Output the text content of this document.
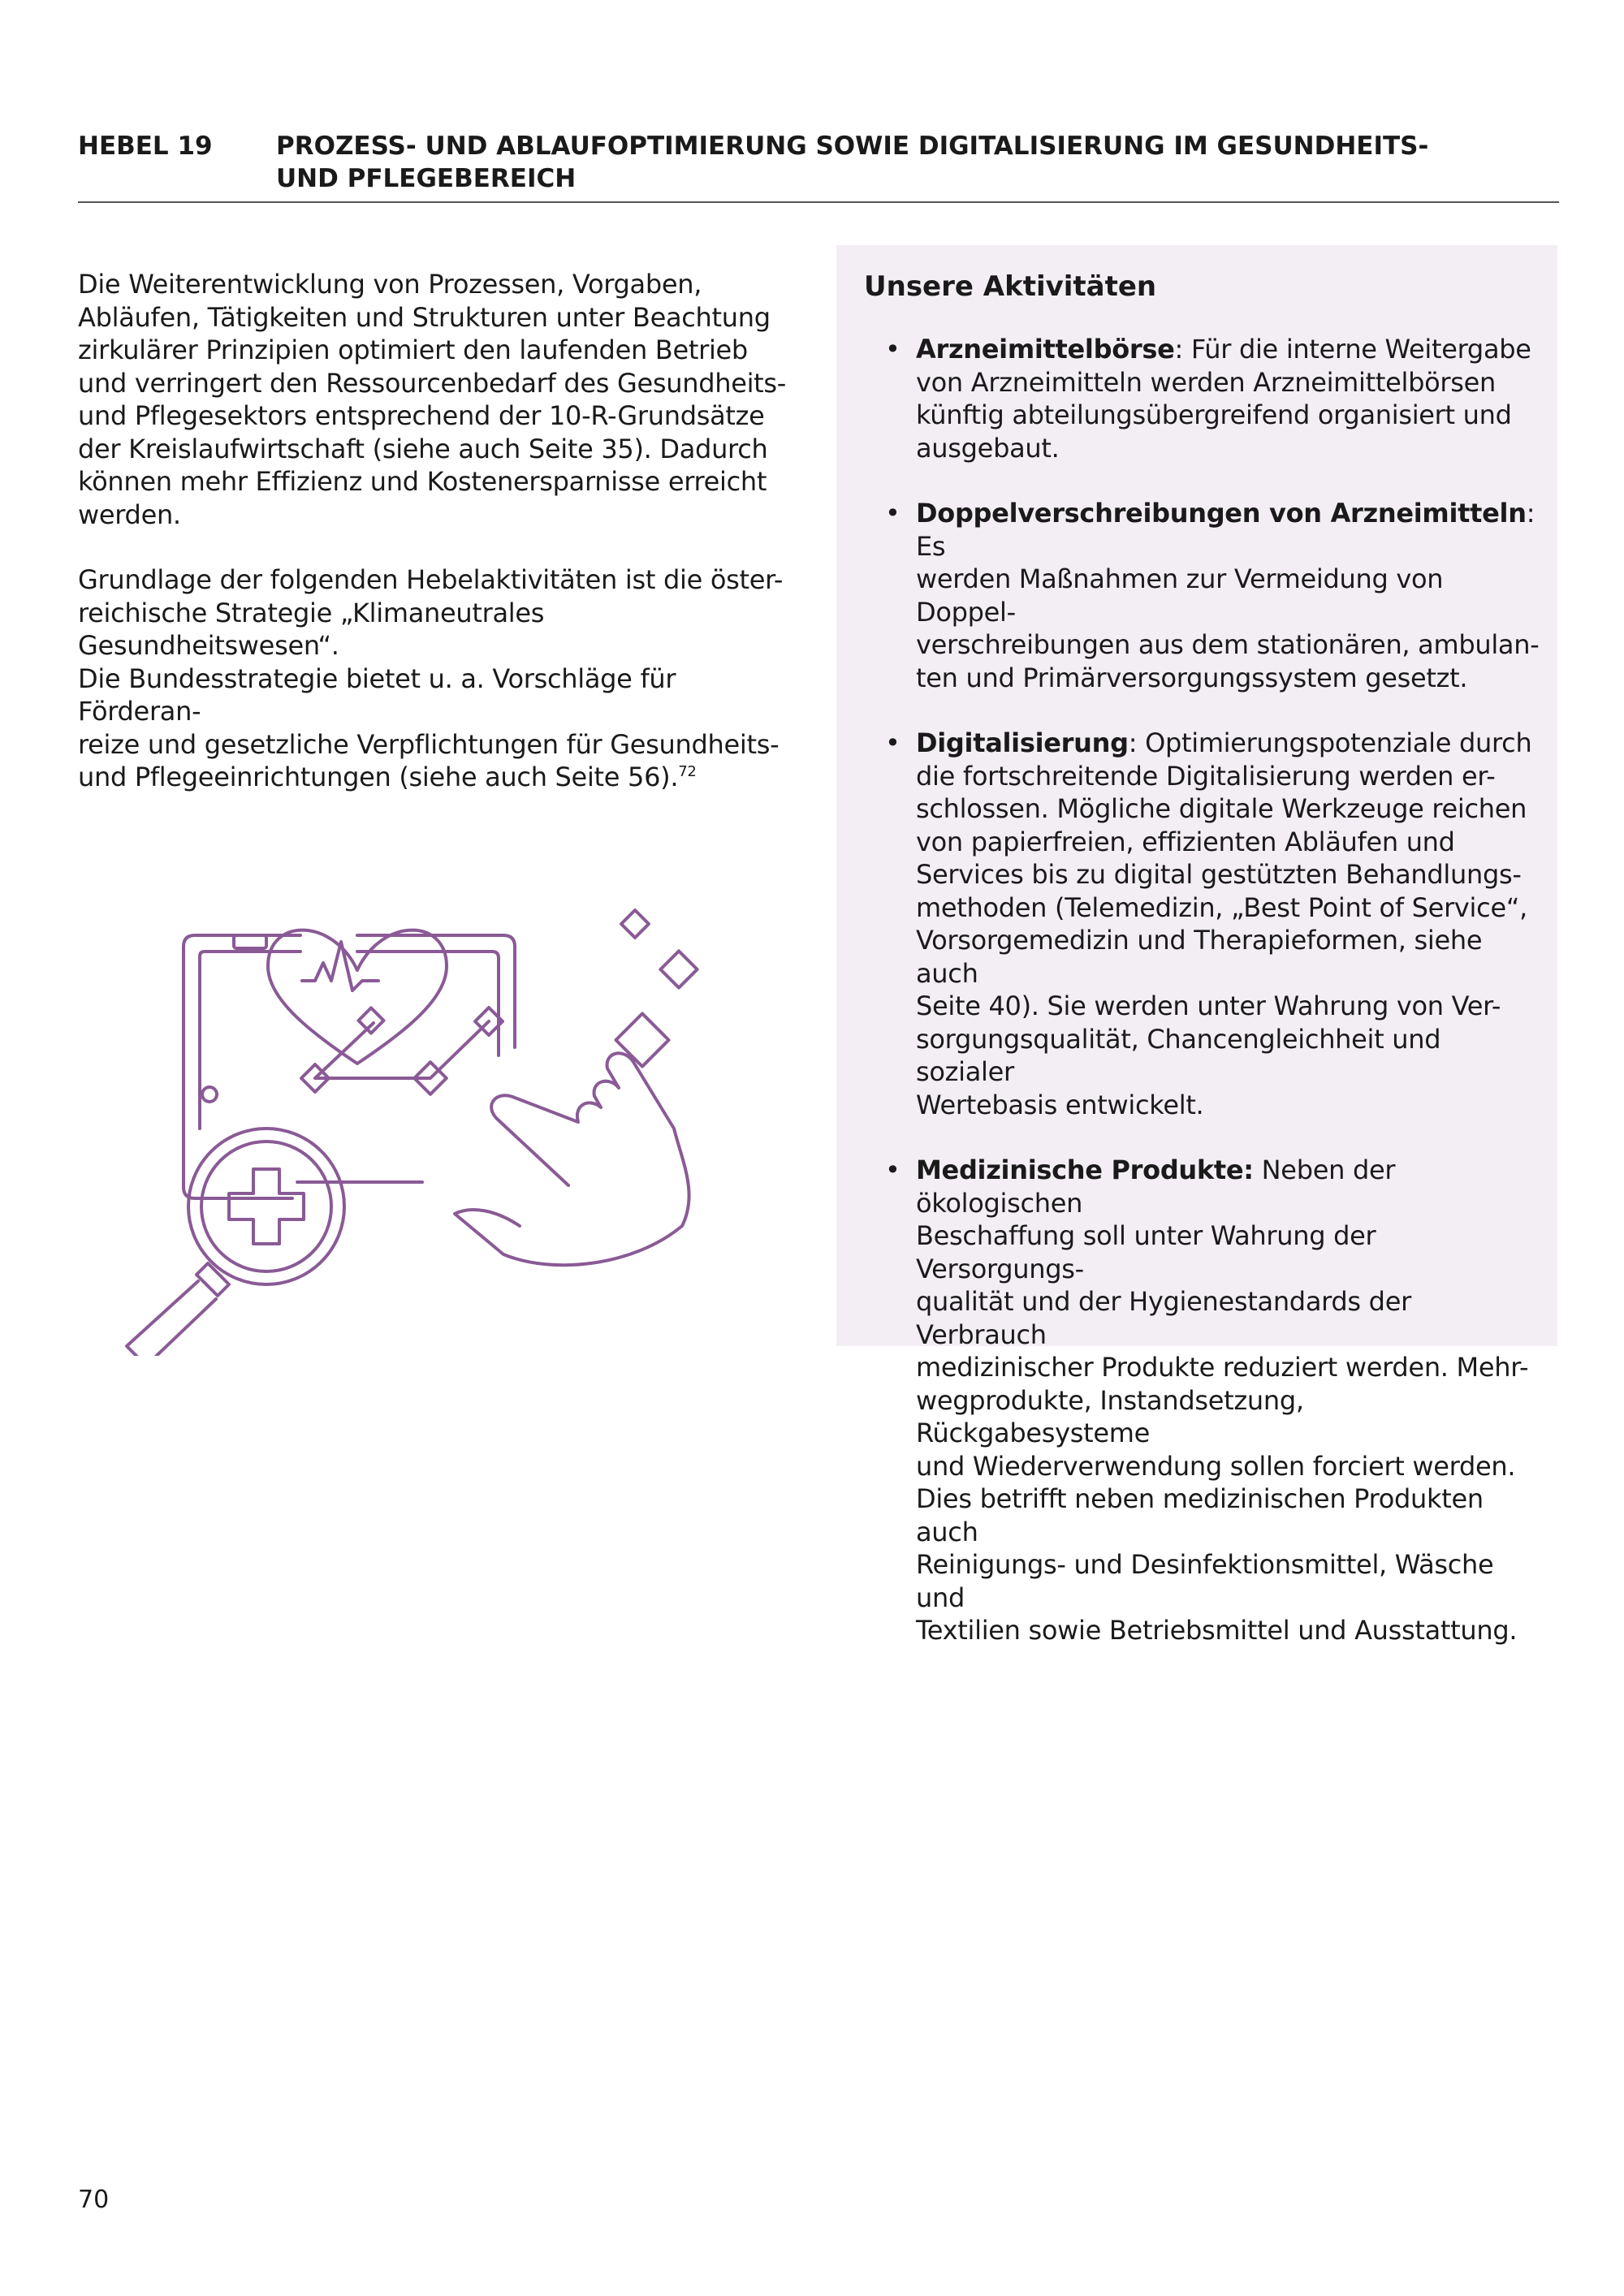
HEBEL 19	PROZESS- UND ABLAUFOPTIMIERUNG SOWIE DIGITALISIERUNG IM GESUNDHEITS- UND PFLEGEBEREICH

Die Weiterentwicklung von Prozessen, Vorgaben,
Abläufen, Tätigkeiten und Strukturen unter Beachtung
zirkulärer Prinzipien optimiert den laufenden Betrieb
und verringert den Ressourcenbedarf des Gesundheits-
und Pflegesektors entsprechend der 10-R-Grundsätze
der Kreislaufwirtschaft (siehe auch Seite 35). Dadurch
können mehr Effizienz und Kostenersparnisse erreicht
werden.

Grundlage der folgenden Hebelaktivitäten ist die öster-
reichische Strategie „Klimaneutrales Gesundheitswesen“.
Die Bundesstrategie bietet u. a. Vorschläge für Förderan-
reize und gesetzliche Verpflichtungen für Gesundheits-
und Pflegeeinrichtungen (siehe auch Seite 56).$^{72}$

Unsere Aktivitäten
• Arzneimittelbörse: Für die interne Weitergabe
von Arzneimitteln werden Arzneimittelbörsen
künftig abteilungsübergreifend organisiert und
ausgebaut.
• Doppelverschreibungen von Arzneimitteln: Es
werden Maßnahmen zur Vermeidung von Doppel-
verschreibungen aus dem stationären, ambulan-
ten und Primärversorgungssystem gesetzt.
• Digitalisierung: Optimierungspotenziale durch
die fortschreitende Digitalisierung werden er-
schlossen. Mögliche digitale Werkzeuge reichen
von papierfreien, effizienten Abläufen und
Services bis zu digital gestützten Behandlungs-
methoden (Telemedizin, „Best Point of Service“,
Vorsorgemedizin und Therapieformen, siehe auch
Seite 40). Sie werden unter Wahrung von Ver-
sorgungsqualität, Chancengleichheit und sozialer
Wertebasis entwickelt.
• Medizinische Produkte: Neben der ökologischen
Beschaffung soll unter Wahrung der Versorgungs-
qualität und der Hygienestandards der Verbrauch
medizinischer Produkte reduziert werden. Mehr-
wegprodukte, Instandsetzung, Rückgabesysteme
und Wiederverwendung sollen forciert werden.
Dies betrifft neben medizinischen Produkten auch
Reinigungs- und Desinfektionsmittel, Wäsche und
Textilien sowie Betriebsmittel und Ausstattung.
70
